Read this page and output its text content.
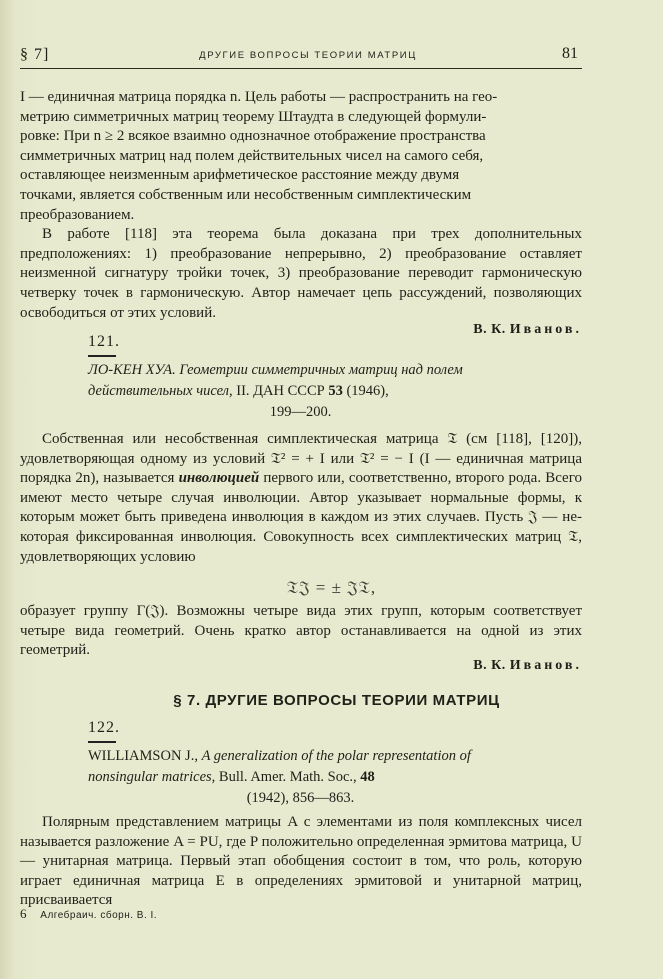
§ 7]	ДРУГИЕ ВОПРОСЫ ТЕОРИИ МАТРИЦ	81

I — единичная матрица порядка n. Цель работы — распространить на гео-

метрию симметричных матриц теорему Штаудта в следующей формули-

ровке: При n ≥ 2 всякое взаимно однозначное отображение пространства

симметричных матриц над полем действительных чисел на самого себя,

оставляющее неизменным арифметическое расстояние между двумя

точками, является собственным или несобственным симплектическим

преобразованием.

В работе [118] эта теорема была доказана при трех дополнительных предположениях: 1) преобразование непрерывно, 2) преобразование оставляет неизменной сигнатуру тройки точек, 3) преобразование переводит гармоническую четверку точек в гармоническую. Автор намечает цепь рассуждений, позволяющих освободиться от этих условий.

В. К. Иванов.
121.
ЛО-КЕН ХУА. Геометрии симметричных матриц над полем действительных чисел, II. ДАН СССР 53 (1946),
199—200.

Собственная или несобственная симплектическая матрица 𝔗 (см [118], [120]), удовлетворяющая одному из условий 𝔗² = + I или 𝔗² = − I (I — единичная матрица порядка 2n), называется инволюцией первого или, соответственно, второго рода. Всего имеют место четыре случая инволюции. Автор указывает нормальные формы, к которым может быть приведена инволюция в каждом из этих случаев. Пусть 𝔍 — некоторая фиксированная инволюция. Совокупность всех симплектических матриц 𝔗, удовлетворяющих условию

𝔗𝔍 = ± 𝔍𝔗,

образует группу Γ(𝔍). Возможны четыре вида этих групп, которым соответствует четыре вида геометрий. Очень кратко автор останавливается на одной из этих геометрий.

В. К. Иванов.
§ 7. ДРУГИЕ ВОПРОСЫ ТЕОРИИ МАТРИЦ
122.
WILLIAMSON J., A generalization of the polar representation of nonsingular matrices, Bull. Amer. Math. Soc., 48
(1942), 856—863.

Полярным представлением матрицы A с элементами из поля комплексных чисел называется разложение A = PU, где P положительно определенная эрмитова матрица, U — унитарная матрица. Первый этап обобщения состоит в том, что роль, которую играет единичная матрица E в определениях эрмитовой и унитарной матриц, присваивается

6 Алгебраич. сборн. В. I.
